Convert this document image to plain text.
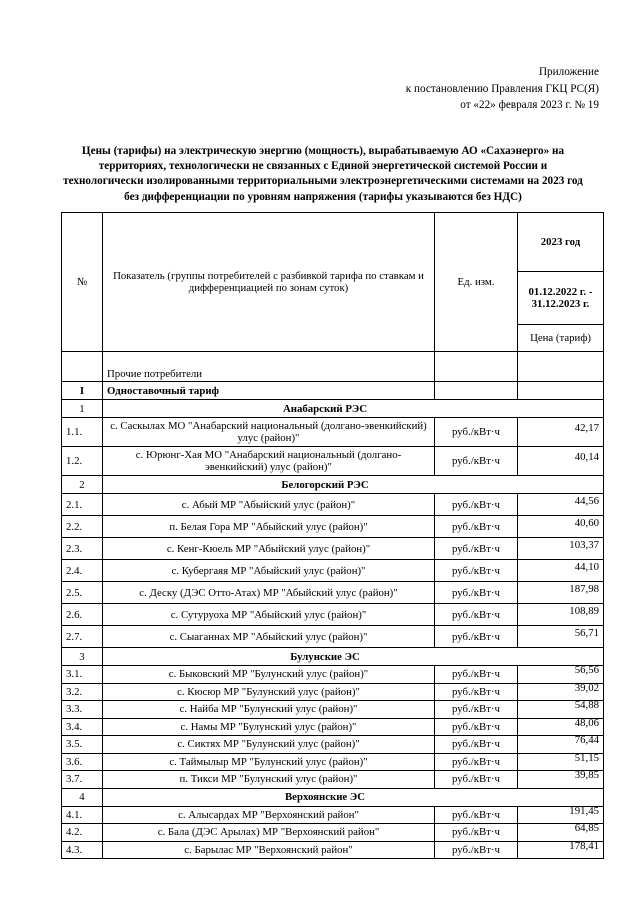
Приложение
к постановлению Правления ГКЦ РС(Я)
от «22» февраля 2023 г. № 19
Цены (тарифы) на электрическую энергию (мощность), вырабатываемую АО «Сахаэнерго» на территориях, технологически не связанных с Единой энергетической системой России и технологически изолированными территориальными электроэнергетическими системами на 2023 год без дифференциации по уровням напряжения (тарифы указываются без НДС)
№	Показатель (группы потребителей с разбивкой тарифа по ставкам и дифференциацией по зонам суток)	Ед. изм.	2023 год
			01.12.2022 г. - 31.12.2023 г.
			Цена (тариф)
	Прочие потребители		
I	Одноставочный тариф		
1	Анабарский РЭС		
1.1.	с. Саскылах МО "Анабарский национальный (долгано-эвенкийский) улус (район)"	руб./кВт·ч	42,17
1.2.	с. Юрюнг-Хая МО "Анабарский национальный (долгано-эвенкийский) улус (район)"	руб./кВт·ч	40,14
2	Белогорский РЭС		
2.1.	с. Абый МР "Абыйский улус (район)"	руб./кВт·ч	44,56
2.2.	п. Белая Гора МР "Абыйский улус (район)"	руб./кВт·ч	40,60
2.3.	с. Кенг-Кюель МР "Абыйский улус (район)"	руб./кВт·ч	103,37
2.4.	с. Кубергаяя МР "Абыйский улус (район)"	руб./кВт·ч	44,10
2.5.	с. Деску (ДЭС Отто-Атах) МР "Абыйский улус (район)"	руб./кВт·ч	187,98
2.6.	с. Сутуруоха МР "Абыйский улус (район)"	руб./кВт·ч	108,89
2.7.	с. Сыаганнах МР "Абыйский улус (район)"	руб./кВт·ч	56,71
3	Булунские ЭС		
3.1.	с. Быковский МР "Булунский улус (район)"	руб./кВт·ч	56,56
3.2.	с. Кюсюр МР "Булунский улус (район)"	руб./кВт·ч	39,02
3.3.	с. Найба МР "Булунский улус (район)"	руб./кВт·ч	54,88
3.4.	с. Намы МР "Булунский улус (район)"	руб./кВт·ч	48,06
3.5.	с. Сиктях МР "Булунский улус (район)"	руб./кВт·ч	76,44
3.6.	с. Таймылыр МР "Булунский улус (район)"	руб./кВт·ч	51,15
3.7.	п. Тикси МР "Булунский улус (район)"	руб./кВт·ч	39,85
4	Верхоянские ЭС		
4.1.	с. Алысардах МР "Верхоянский район"	руб./кВт·ч	191,45
4.2.	с. Бала (ДЭС Арылах) МР "Верхоянский район"	руб./кВт·ч	64,85
4.3.	с. Барылас МР "Верхоянский район"	руб./кВт·ч	178,41
